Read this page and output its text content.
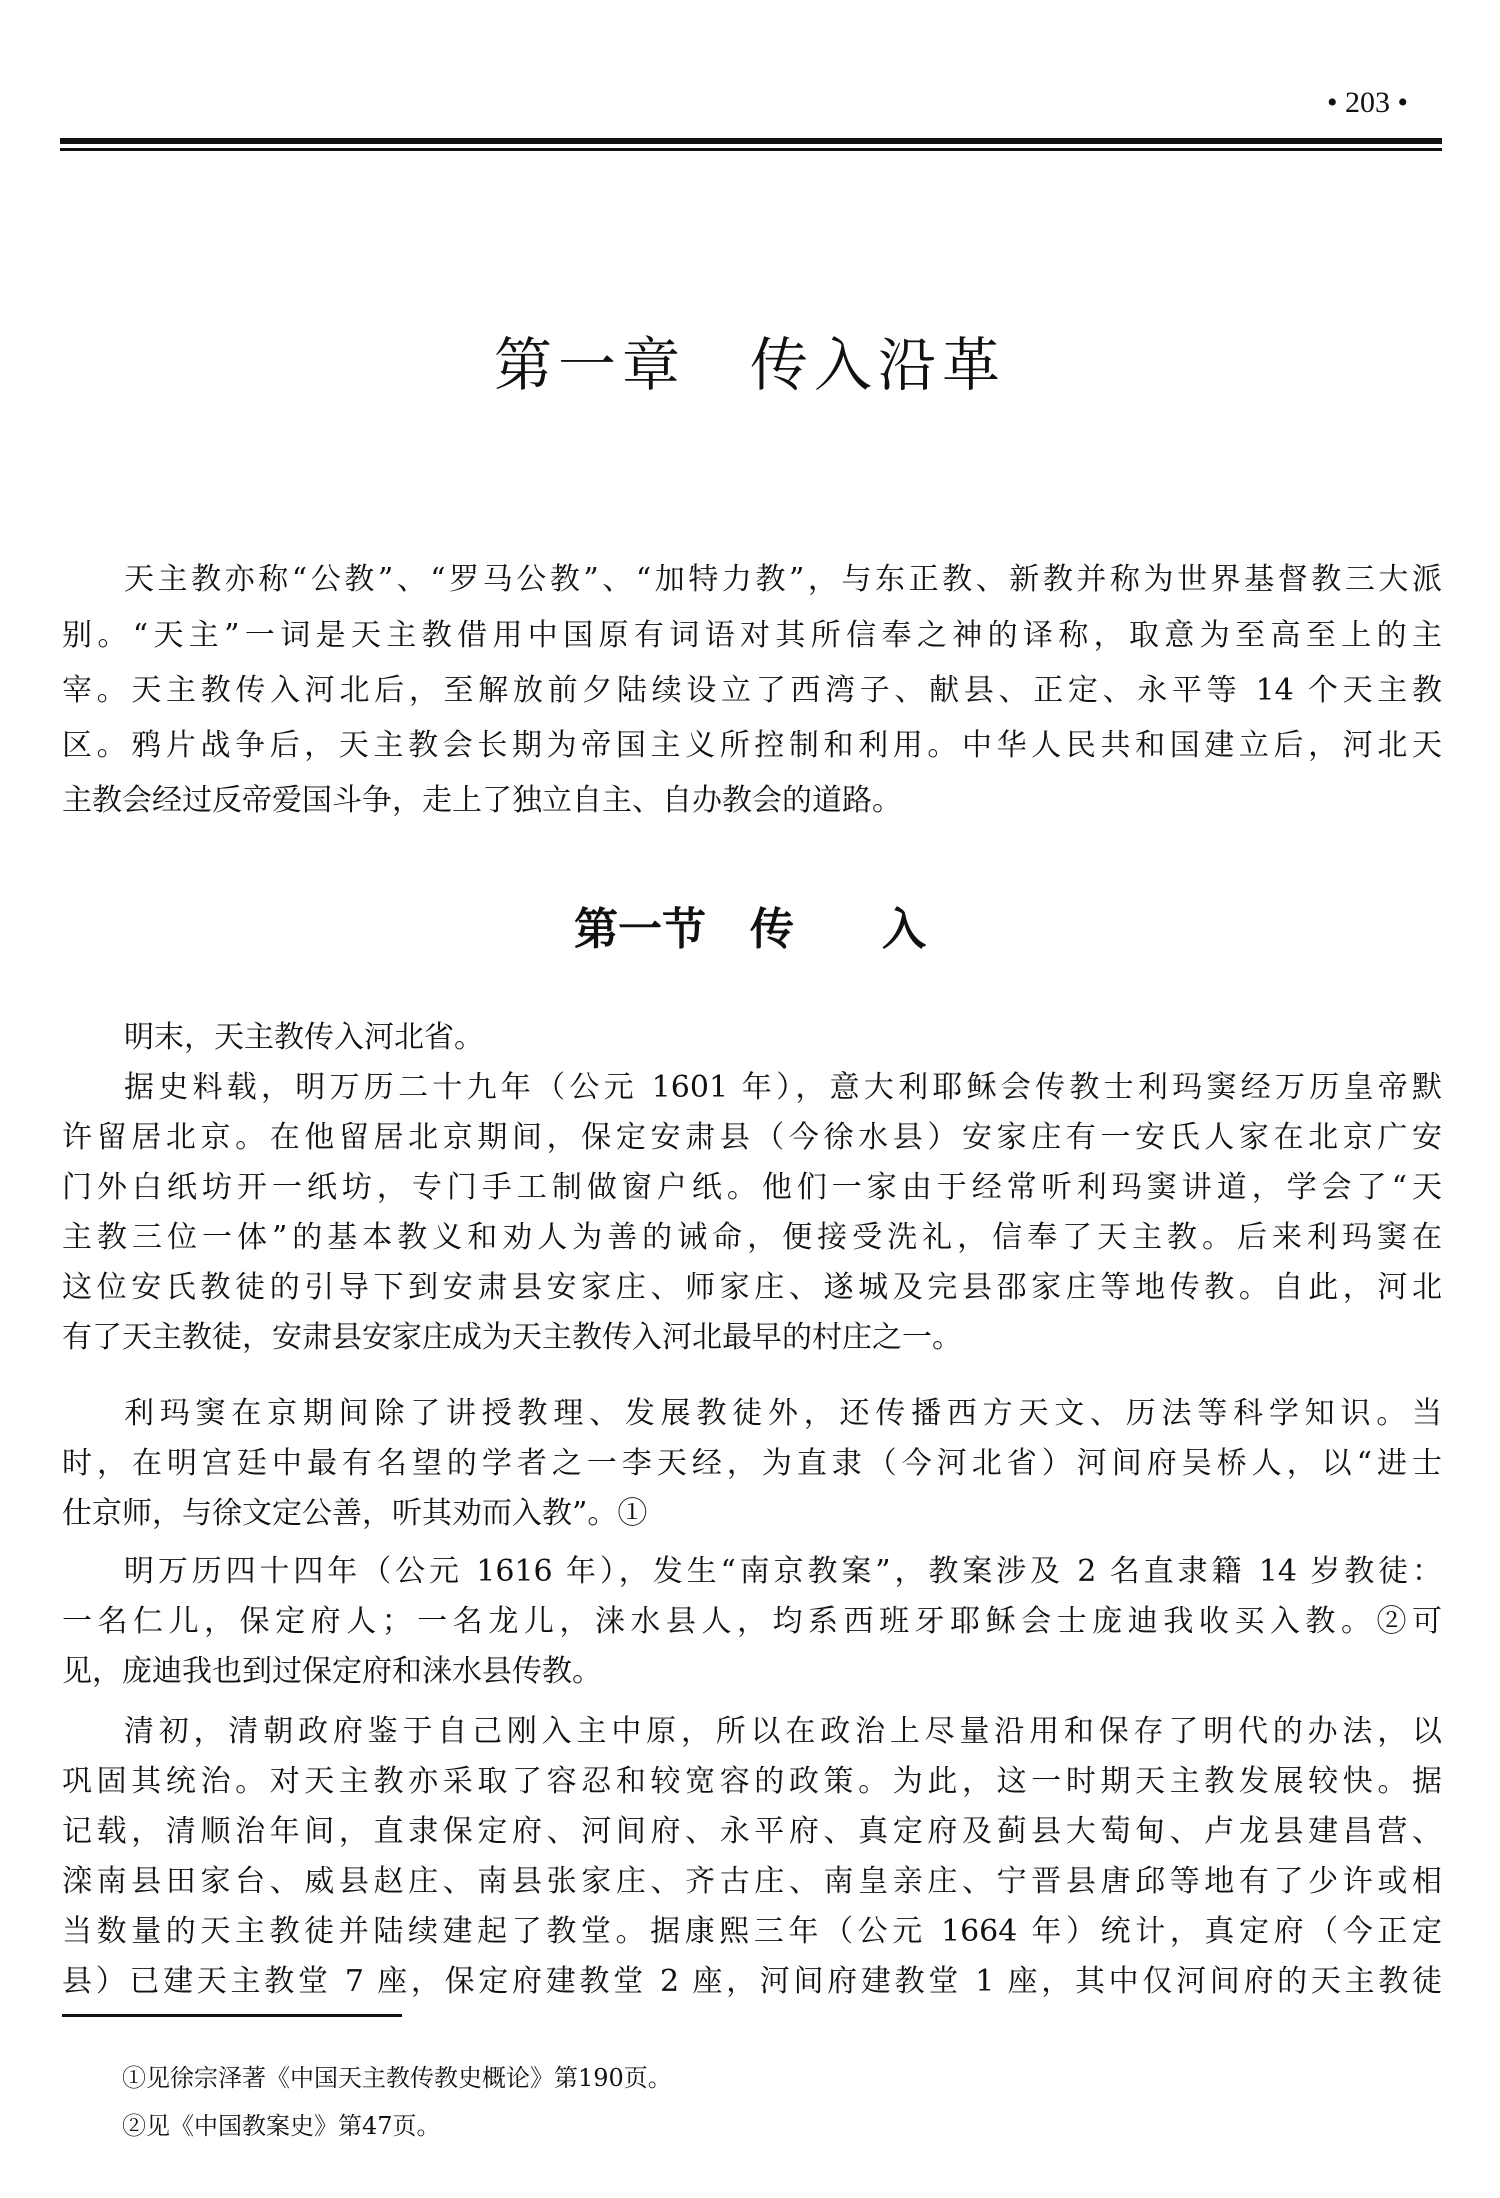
• 203 •
第一章　传入沿革
天主教亦称“公教”、“罗马公教”、“加特力教”，与东正教、新教并称为世界基督教三大派
别。“天主”一词是天主教借用中国原有词语对其所信奉之神的译称，取意为至高至上的主
宰。天主教传入河北后，至解放前夕陆续设立了西湾子、献县、正定、永平等 14 个天主教
区。鸦片战争后，天主教会长期为帝国主义所控制和利用。中华人民共和国建立后，河北天
主教会经过反帝爱国斗争，走上了独立自主、自办教会的道路。
第一节　传　　入
明末，天主教传入河北省。
据史料载，明万历二十九年（公元 1601 年），意大利耶稣会传教士利玛窦经万历皇帝默
许留居北京。在他留居北京期间，保定安肃县（今徐水县）安家庄有一安氏人家在北京广安
门外白纸坊开一纸坊，专门手工制做窗户纸。他们一家由于经常听利玛窦讲道，学会了“天
主教三位一体”的基本教义和劝人为善的诫命，便接受洗礼，信奉了天主教。后来利玛窦在
这位安氏教徒的引导下到安肃县安家庄、师家庄、遂城及完县邵家庄等地传教。自此，河北
有了天主教徒，安肃县安家庄成为天主教传入河北最早的村庄之一。
利玛窦在京期间除了讲授教理、发展教徒外，还传播西方天文、历法等科学知识。当
时，在明宫廷中最有名望的学者之一李天经，为直隶（今河北省）河间府吴桥人，以“进士
仕京师，与徐文定公善，听其劝而入教”。①
明万历四十四年（公元 1616 年），发生“南京教案”，教案涉及 2 名直隶籍 14 岁教徒：
一名仁儿，保定府人；一名龙儿，涞水县人，均系西班牙耶稣会士庞迪我收买入教。②可
见，庞迪我也到过保定府和涞水县传教。
清初，清朝政府鉴于自己刚入主中原，所以在政治上尽量沿用和保存了明代的办法，以
巩固其统治。对天主教亦采取了容忍和较宽容的政策。为此，这一时期天主教发展较快。据
记载，清顺治年间，直隶保定府、河间府、永平府、真定府及蓟县大萄甸、卢龙县建昌营、
滦南县田家台、威县赵庄、南县张家庄、齐古庄、南皇亲庄、宁晋县唐邱等地有了少许或相
当数量的天主教徒并陆续建起了教堂。据康熙三年（公元 1664 年）统计，真定府（今正定
县）已建天主教堂 7 座，保定府建教堂 2 座，河间府建教堂 1 座，其中仅河间府的天主教徒
①见徐宗泽著《中国天主教传教史概论》第190页。
②见《中国教案史》第47页。
